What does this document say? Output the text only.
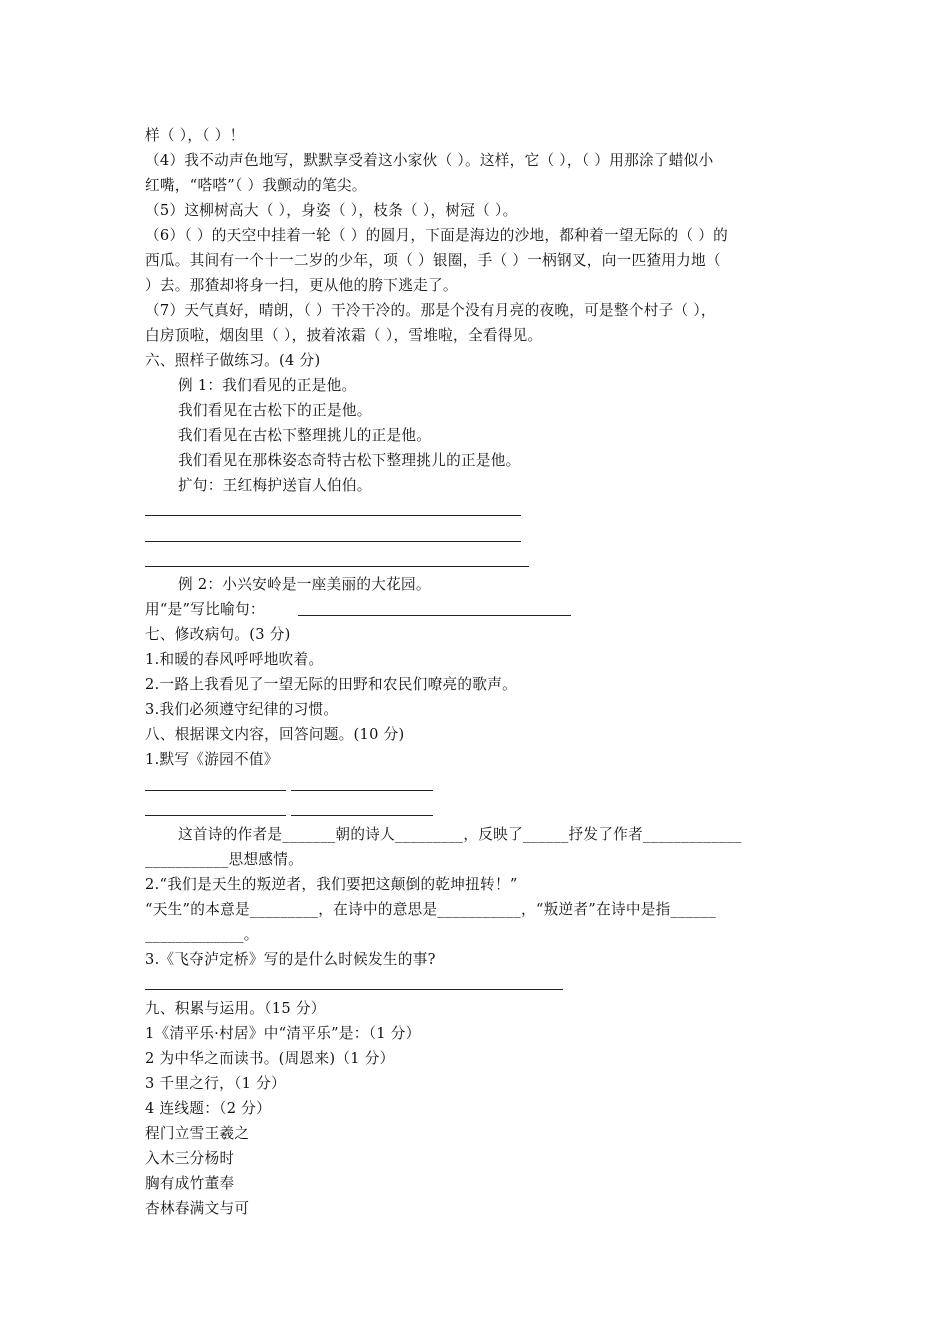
样（ ），（ ）！
（4）我不动声色地写，默默享受着这小家伙（ ）。这样，它（ ），（ ）用那涂了蜡似小
红嘴，“嗒嗒”（ ）我颤动的笔尖。
（5）这柳树高大（ ），身姿（ ），枝条（ ），树冠（ ）。
（6）（ ）的天空中挂着一轮（ ）的圆月，下面是海边的沙地，都种着一望无际的（ ）的
西瓜。其间有一个十一二岁的少年，项（ ）银圈，手（ ）一柄钢叉，向一匹猹用力地（
）去。那猹却将身一扫，更从他的胯下逃走了。
（7）天气真好，晴朗，（ ）干冷干冷的。那是个没有月亮的夜晚，可是整个村子（ ），
白房顶啦，烟囱里（ ），披着浓霜（ ），雪堆啦，全看得见。
六、照样子做练习。(4 分)
例 1：我们看见的正是他。
我们看见在古松下的正是他。
我们看见在古松下整理挑儿的正是他。
我们看见在那株姿态奇特古松下整理挑儿的正是他。
扩句：王红梅护送盲人伯伯。
例 2：小兴安岭是一座美丽的大花园。
用“是”写比喻句：
七、修改病句。(3 分)
1.和暖的春风呼呼地吹着。
2.一路上我看见了一望无际的田野和农民们嘹亮的歌声。
3.我们必须遵守纪律的习惯。
八、根据课文内容，回答问题。(10 分)
1.默写《游园不值》
这首诗的作者是_______朝的诗人_________，反映了______抒发了作者_____________
___________思想感情。
2.“我们是天生的叛逆者，我们要把这颠倒的乾坤扭转！”
“天生”的本意是_________，在诗中的意思是___________，“叛逆者”在诗中是指______
_____________。
3.《飞夺泸定桥》写的是什么时候发生的事?
九、积累与运用。（15 分）
1《清平乐·村居》中“清平乐”是：（1 分）
2 为中华之而读书。(周恩来)（1 分）
3 千里之行，（1 分）
4 连线题：（2 分）
程门立雪王羲之
入木三分杨时
胸有成竹董奉
杏林春满文与可
